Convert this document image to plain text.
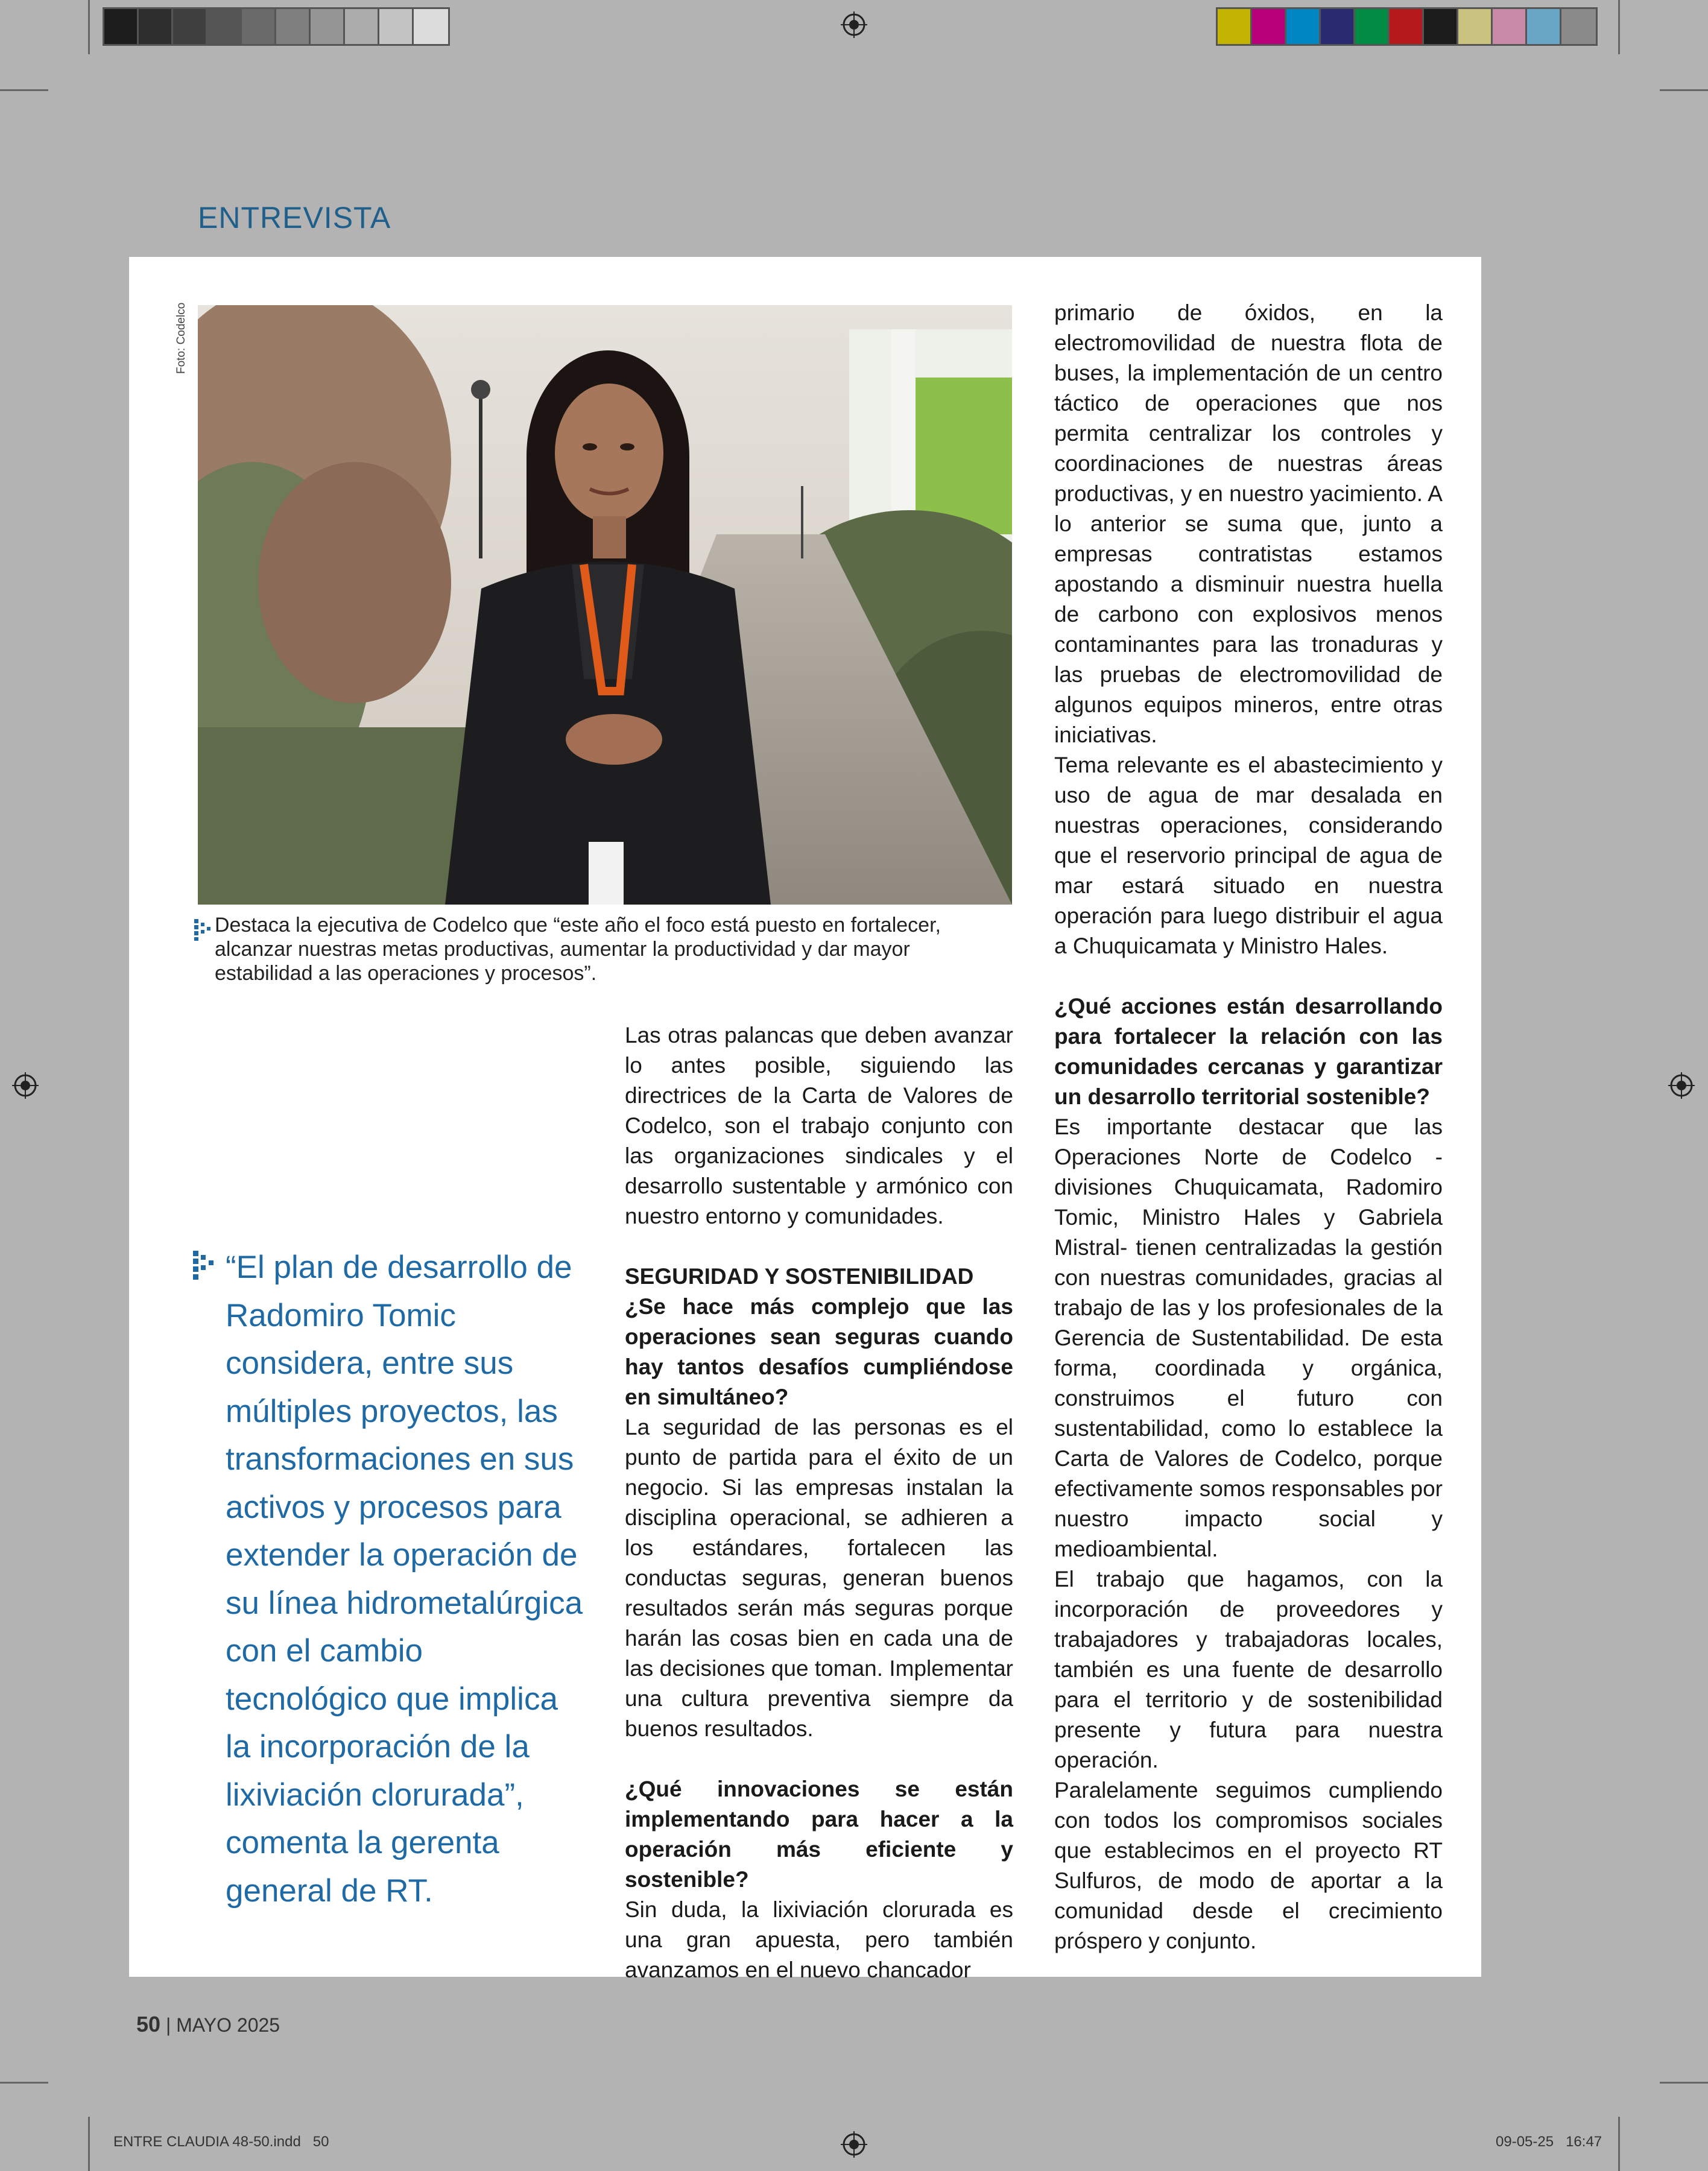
ENTREVISTA
Foto: Codelco
Destaca la ejecutiva de Codelco que “este año el foco está puesto en fortalecer, alcanzar nuestras metas productivas, aumentar la productividad y dar mayor estabilidad a las operaciones y procesos”.
“El plan de desarrollo de Radomiro Tomic considera, entre sus múltiples proyectos, las transformaciones en sus activos y procesos para extender la operación de su línea hidrometalúrgica con el cambio tecnológico que implica la incorporación de la lixiviación clorurada”, comenta la gerenta general de RT.

Las otras palancas que deben avanzar lo antes posible, siguiendo las directrices de la Carta de Valores de Codelco, son el trabajo conjunto con las organizaciones sindicales y el desarrollo sustentable y armónico con nuestro entorno y comunidades.

SEGURIDAD Y SOSTENIBILIDAD

¿Se hace más complejo que las operaciones sean seguras cuando hay tantos desafíos cumpliéndose en simultáneo?

La seguridad de las personas es el punto de partida para el éxito de un negocio. Si las empresas instalan la disciplina operacional, se adhieren a los estándares, fortalecen las conductas seguras, generan buenos resultados serán más seguras porque harán las cosas bien en cada una de las decisiones que toman. Implementar una cultura preventiva siempre da buenos resultados.

¿Qué innovaciones se están implementando para hacer a la operación más eficiente y sostenible?

Sin duda, la lixiviación clorurada es una gran apuesta, pero también avanzamos en el nuevo chancador

primario de óxidos, en la electromovilidad de nuestra flota de buses, la implementación de un centro táctico de operaciones que nos permita centralizar los controles y coordinaciones de nuestras áreas productivas, y en nuestro yacimiento. A lo anterior se suma que, junto a empresas contratistas estamos apostando a disminuir nuestra huella de carbono con explosivos menos contaminantes para las tronaduras y las pruebas de electromovilidad de algunos equipos mineros, entre otras iniciativas.

Tema relevante es el abastecimiento y uso de agua de mar desalada en nuestras operaciones, considerando que el reservorio principal de agua de mar estará situado en nuestra operación para luego distribuir el agua a Chuquicamata y Ministro Hales.

¿Qué acciones están desarrollando para fortalecer la relación con las comunidades cercanas y garantizar un desarrollo territorial sostenible?

Es importante destacar que las Operaciones Norte de Codelco -divisiones Chuquicamata, Radomiro Tomic, Ministro Hales y Gabriela Mistral- tienen centralizadas la gestión con nuestras comunidades, gracias al trabajo de las y los profesionales de la Gerencia de Sustentabilidad. De esta forma, coordinada y orgánica, construimos el futuro con sustentabilidad, como lo establece la Carta de Valores de Codelco, porque efectivamente somos responsables por nuestro impacto social y medioambiental.

El trabajo que hagamos, con la incorporación de proveedores y trabajadores y trabajadoras locales, también es una fuente de desarrollo para el territorio y de sostenibilidad presente y futura para nuestra operación.

Paralelamente seguimos cumpliendo con todos los compromisos sociales que establecimos en el proyecto RT Sulfuros, de modo de aportar a la comunidad desde el crecimiento próspero y conjunto.

50 | MAYO 2025
ENTRE CLAUDIA 48-50.indd   50	09-05-25   16:47
